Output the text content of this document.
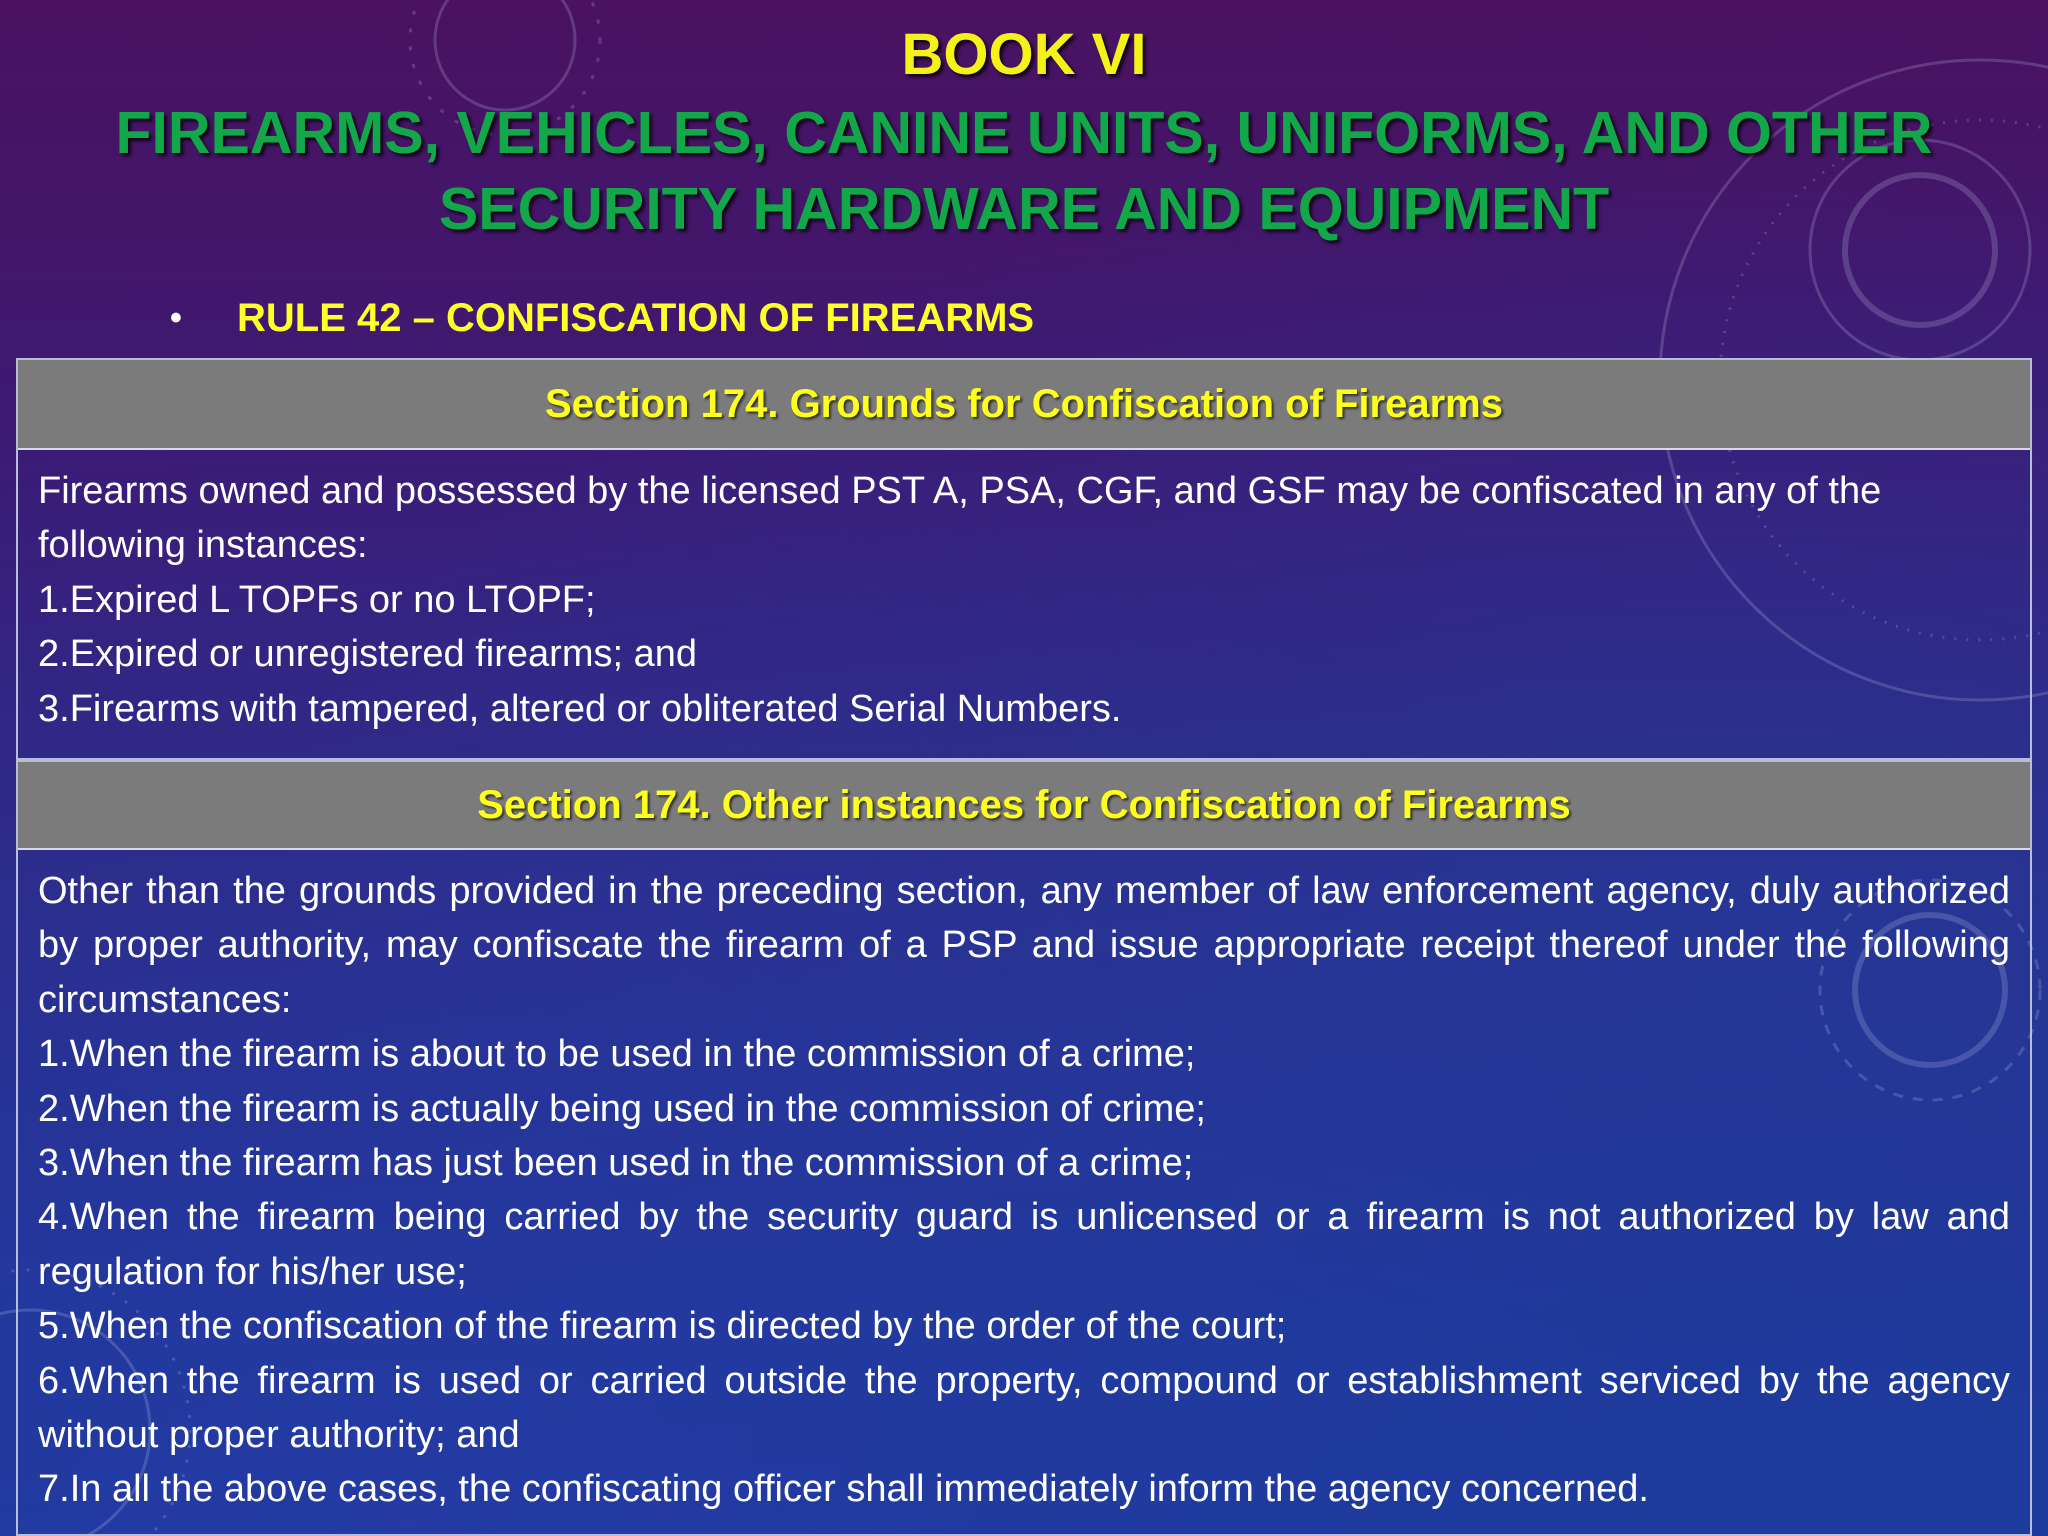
BOOK VI
FIREARMS, VEHICLES, CANINE UNITS, UNIFORMS, AND OTHER SECURITY HARDWARE AND EQUIPMENT
•	RULE 42 – CONFISCATION OF FIREARMS
Section 174. Grounds for Confiscation of Firearms
Firearms owned and possessed by the licensed PST A, PSA, CGF, and GSF may be confiscated in any of the following instances:
1.Expired L TOPFs or no LTOPF;
2.Expired or unregistered firearms; and
3.Firearms with tampered, altered or obliterated Serial Numbers.
Section 174. Other instances for Confiscation of Firearms
Other than the grounds provided in the preceding section, any member of law enforcement agency, duly authorized by proper authority, may confiscate the firearm of a PSP and issue appropriate receipt thereof under the following circumstances:
1.When the firearm is about to be used in the commission of a crime;
2.When the firearm is actually being used in the commission of crime;
3.When the firearm has just been used in the commission of a crime;
4.When the firearm being carried by the security guard is unlicensed or a firearm is not authorized by law and regulation for his/her use;
5.When the confiscation of the firearm is directed by the order of the court;
6.When the firearm is used or carried outside the property, compound or establishment serviced by the agency without proper authority; and
7.In all the above cases, the confiscating officer shall immediately inform the agency concerned.
